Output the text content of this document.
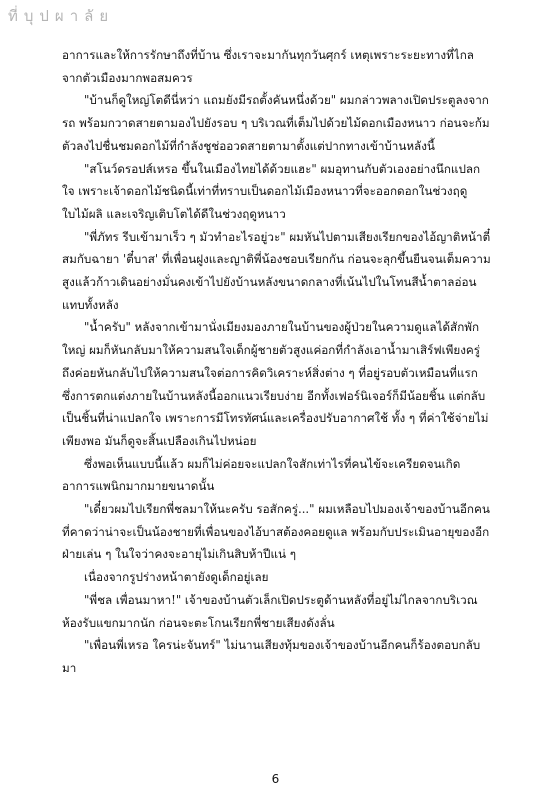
ที่บุปผาลัย

อาการและให้การรักษาถึงที่บ้าน ซึ่งเราจะมากันทุกวันศุกร์ เหตุเพราะระยะทางที่ไกลจากตัวเมืองมากพอสมควร

"บ้านก็ดูใหญ่โตดีนี่หว่า แถมยังมีรถตั้งคันหนึ่งด้วย" ผมกล่าวพลางเปิดประตูลงจากรถ พร้อมกวาดสายตามองไปยังรอบ ๆ บริเวณที่เต็มไปด้วยไม้ดอกเมืองหนาว ก่อนจะก้มตัวลงไปชื่นชมดอกไม้ที่กำลังชูช่ออวดสายตามาตั้งแต่ปากทางเข้าบ้านหลังนี้

"สโนว์ดรอปส์เหรอ ขึ้นในเมืองไทยได้ด้วยแฮะ" ผมอุทานกับตัวเองอย่างนึกแปลกใจ เพราะเจ้าดอกไม้ชนิดนี้เท่าที่ทราบเป็นดอกไม้เมืองหนาวที่จะออกดอกในช่วงฤดูใบไม้ผลิ และเจริญเติบโตได้ดีในช่วงฤดูหนาว

"พี่ภัทร รีบเข้ามาเร็ว ๆ มัวทำอะไรอยู่วะ" ผมหันไปตามเสียงเรียกของไอ้ญาติหน้าตี๋สมกับฉายา 'ตี๋บาส' ที่เพื่อนฝูงและญาติพี่น้องชอบเรียกกัน ก่อนจะลุกขึ้นยืนจนเต็มความสูงแล้วก้าวเดินอย่างมั่นคงเข้าไปยังบ้านหลังขนาดกลางที่เน้นไปในโทนสีน้ำตาลอ่อนแทบทั้งหลัง

"น้ำครับ" หลังจากเข้ามานั่งเมียงมองภายในบ้านของผู้ป่วยในความดูแลได้สักพักใหญ่ ผมก็หันกลับมาให้ความสนใจเด็กผู้ชายตัวสูงแค่อกที่กำลังเอาน้ำมาเสิร์ฟเพียงครู่ ถึงค่อยหันกลับไปให้ความสนใจต่อการคิดวิเคราะห์สิ่งต่าง ๆ ที่อยู่รอบตัวเหมือนที่แรก ซึ่งการตกแต่งภายในบ้านหลังนี้ออกแนวเรียบง่าย อีกทั้งเฟอร์นิเจอร์ก็มีน้อยชิ้น แต่กลับเป็นชิ้นที่น่าแปลกใจ เพราะการมีโทรทัศน์และเครื่องปรับอากาศใช้ ทั้ง ๆ ที่ค่าใช้จ่ายไม่เพียงพอ มันก็ดูจะสิ้นเปลืองเกินไปหน่อย

ซึ่งพอเห็นแบบนี้แล้ว ผมก็ไม่ค่อยจะแปลกใจสักเท่าไรที่คนไข้จะเครียดจนเกิดอาการแพนิกมากมายขนาดนั้น

"เดี๋ยวผมไปเรียกพี่ชลมาให้นะครับ รอสักครู่..." ผมเหลือบไปมองเจ้าของบ้านอีกคนที่คาดว่าน่าจะเป็นน้องชายที่เพื่อนของไอ้บาสต้องคอยดูแล พร้อมกับประเมินอายุของอีกฝ่ายเล่น ๆ ในใจว่าคงจะอายุไม่เกินสิบห้าปีแน่ ๆ

เนื่องจากรูปร่างหน้าตายังดูเด็กอยู่เลย

"พี่ชล เพื่อนมาหา!" เจ้าของบ้านตัวเล็กเปิดประตูด้านหลังที่อยู่ไม่ไกลจากบริเวณห้องรับแขกมากนัก ก่อนจะตะโกนเรียกพี่ชายเสียงดังลั่น

"เพื่อนพี่เหรอ ใครน่ะจันทร์" ไม่นานเสียงทุ้มของเจ้าของบ้านอีกคนก็ร้องตอบกลับมา

6
